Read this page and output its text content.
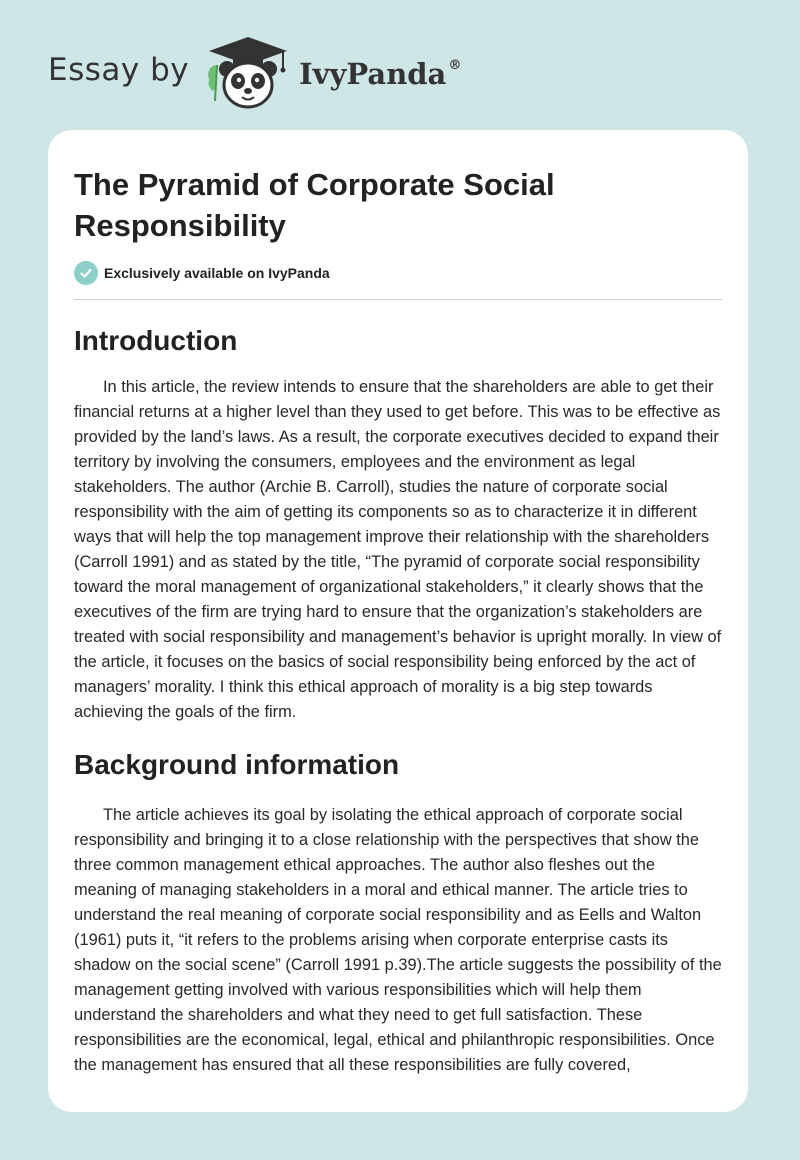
Essay by	IvyPanda ®
The Pyramid of Corporate Social Responsibility
Exclusively available on IvyPanda
Introduction

In this article, the review intends to ensure that the shareholders are able to get their financial returns at a higher level than they used to get before. This was to be effective as provided by the land’s laws. As a result, the corporate executives decided to expand their territory by involving the consumers, employees and the environment as legal stakeholders. The author (Archie B. Carroll), studies the nature of corporate social responsibility with the aim of getting its components so as to characterize it in different ways that will help the top management improve their relationship with the shareholders (Carroll 1991) and as stated by the title, “The pyramid of corporate social responsibility toward the moral management of organizational stakeholders,” it clearly shows that the executives of the firm are trying hard to ensure that the organization’s stakeholders are treated with social responsibility and management’s behavior is upright morally. In view of the article, it focuses on the basics of social responsibility being enforced by the act of managers’ morality. I think this ethical approach of morality is a big step towards achieving the goals of the firm.

Background information

The article achieves its goal by isolating the ethical approach of corporate social responsibility and bringing it to a close relationship with the perspectives that show the three common management ethical approaches. The author also fleshes out the meaning of managing stakeholders in a moral and ethical manner. The article tries to understand the real meaning of corporate social responsibility and as Eells and Walton (1961) puts it, “it refers to the problems arising when corporate enterprise casts its shadow on the social scene” (Carroll 1991 p.39).The article suggests the possibility of the management getting involved with various responsibilities which will help them understand the shareholders and what they need to get full satisfaction. These responsibilities are the economical, legal, ethical and philanthropic responsibilities. Once the management has ensured that all these responsibilities are fully covered,
